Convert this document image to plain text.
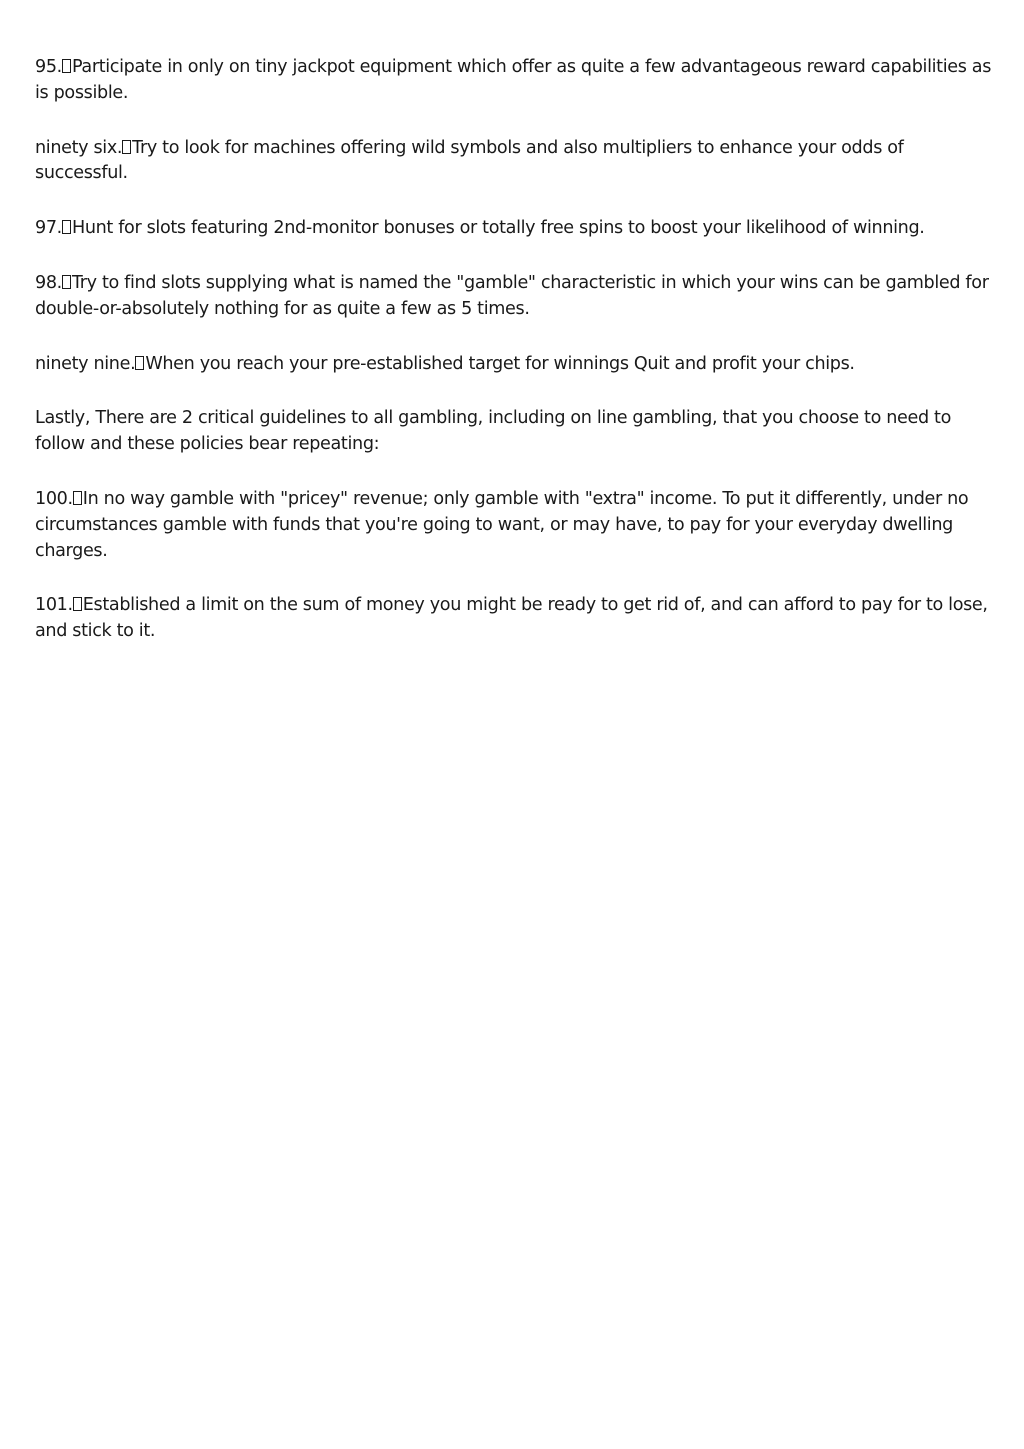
95. Participate in only on tiny jackpot equipment which offer as quite a few advantageous reward capabilities as is possible.

ninety six. Try to look for machines offering wild symbols and also multipliers to enhance your odds of successful.

97. Hunt for slots featuring 2nd-monitor bonuses or totally free spins to boost your likelihood of winning.

98. Try to find slots supplying what is named the "gamble" characteristic in which your wins can be gambled for double-or-absolutely nothing for as quite a few as 5 times.

ninety nine. When you reach your pre-established target for winnings Quit and profit your chips.

Lastly, There are 2 critical guidelines to all gambling, including on line gambling, that you choose to need to follow and these policies bear repeating:

100. In no way gamble with "pricey" revenue; only gamble with "extra" income. To put it differently, under no circumstances gamble with funds that you're going to want, or may have, to pay for your everyday dwelling charges.

101. Established a limit on the sum of money you might be ready to get rid of, and can afford to pay for to lose, and stick to it.
